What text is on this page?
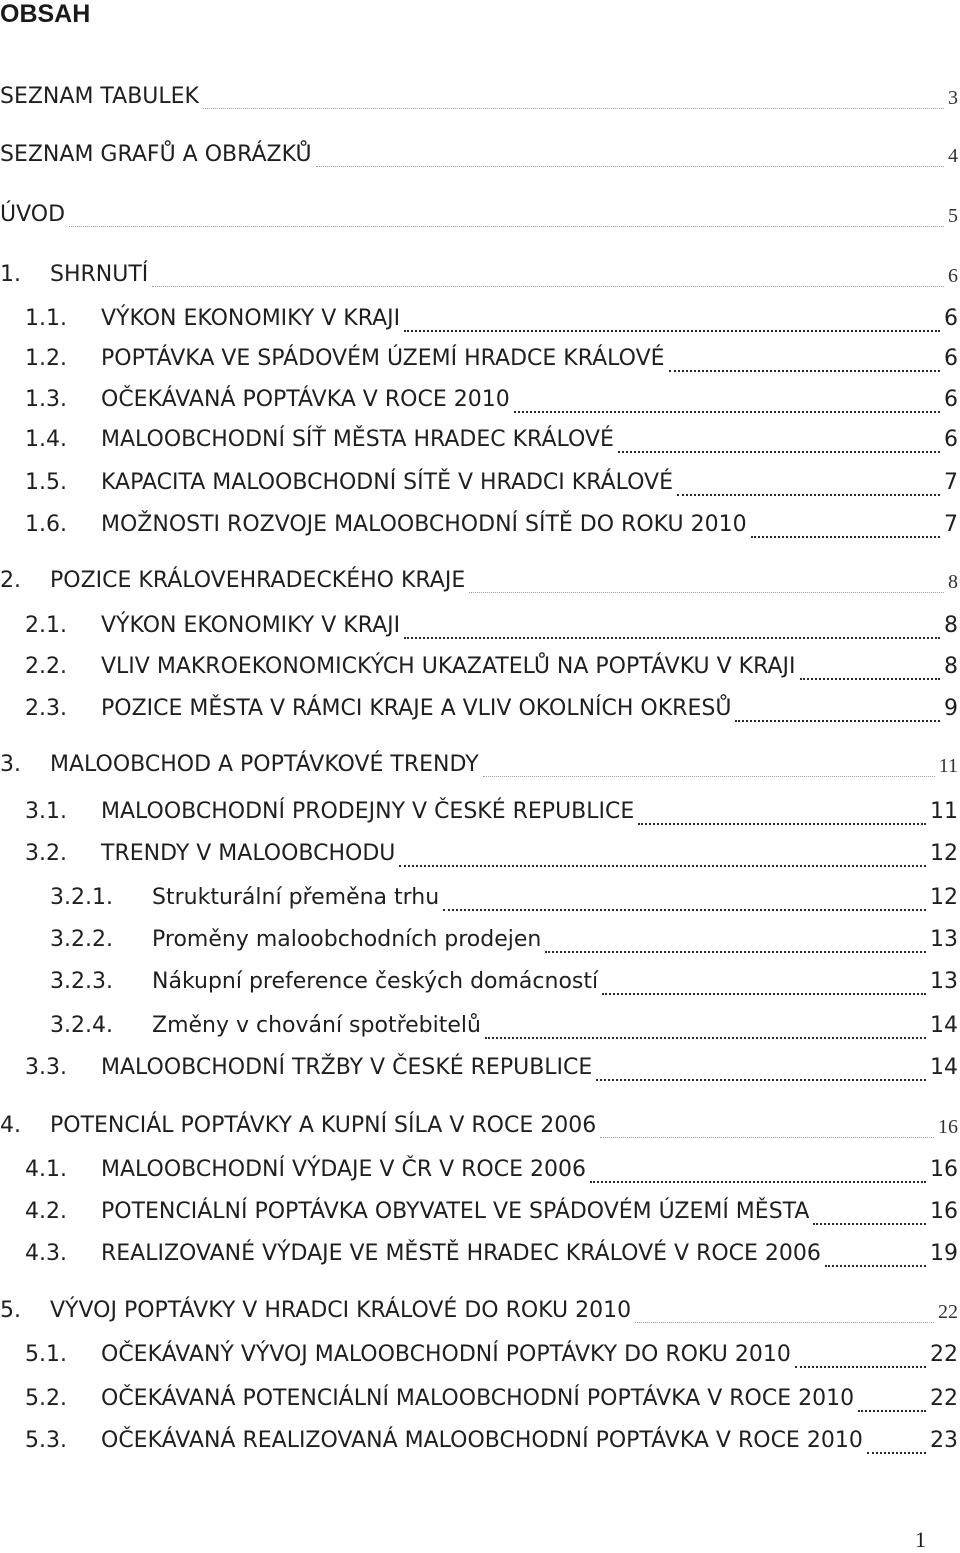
OBSAH
SEZNAM TABULEK	3
SEZNAM GRAFŮ A OBRÁZKŮ	4
ÚVOD	5
1. SHRNUTÍ	6
1.1. VÝKON EKONOMIKY V KRAJI	6
1.2. POPTÁVKA VE SPÁDOVÉM ÚZEMÍ HRADCE KRÁLOVÉ	6
1.3. OČEKÁVANÁ POPTÁVKA V ROCE 2010	6
1.4. MALOOBCHODNÍ SÍŤ MĚSTA HRADEC KRÁLOVÉ	6
1.5. KAPACITA MALOOBCHODNÍ SÍTĚ V HRADCI KRÁLOVÉ	7
1.6. MOŽNOSTI ROZVOJE MALOOBCHODNÍ SÍTĚ DO ROKU 2010	7
2. POZICE KRÁLOVEHRADECKÉHO KRAJE	8
2.1. VÝKON EKONOMIKY V KRAJI	8
2.2. VLIV MAKROEKONOMICKÝCH UKAZATELŮ NA POPTÁVKU V KRAJI	8
2.3. POZICE MĚSTA V RÁMCI KRAJE A VLIV OKOLNÍCH OKRESŮ	9
3. MALOOBCHOD A POPTÁVKOVÉ TRENDY	11
3.1. MALOOBCHODNÍ PRODEJNY V ČESKÉ REPUBLICE	11
3.2. TRENDY V MALOOBCHODU	12
3.2.1. Strukturální přeměna trhu	12
3.2.2. Proměny maloobchodních prodejen	13
3.2.3. Nákupní preference českých domácností	13
3.2.4. Změny v chování spotřebitelů	14
3.3. MALOOBCHODNÍ TRŽBY V ČESKÉ REPUBLICE	14
4. POTENCIÁL POPTÁVKY A KUPNÍ SÍLA V ROCE 2006	16
4.1. MALOOBCHODNÍ VÝDAJE V ČR V ROCE 2006	16
4.2. POTENCIÁLNÍ POPTÁVKA OBYVATEL VE SPÁDOVÉM ÚZEMÍ MĚSTA	16
4.3. REALIZOVANÉ VÝDAJE VE MĚSTĚ HRADEC KRÁLOVÉ V ROCE 2006	19
5. VÝVOJ POPTÁVKY V HRADCI KRÁLOVÉ DO ROKU 2010	22
5.1. OČEKÁVANÝ VÝVOJ MALOOBCHODNÍ POPTÁVKY DO ROKU 2010	22
5.2. OČEKÁVANÁ POTENCIÁLNÍ MALOOBCHODNÍ POPTÁVKA V ROCE 2010	22
5.3. OČEKÁVANÁ REALIZOVANÁ MALOOBCHODNÍ POPTÁVKA V ROCE 2010	23
1
